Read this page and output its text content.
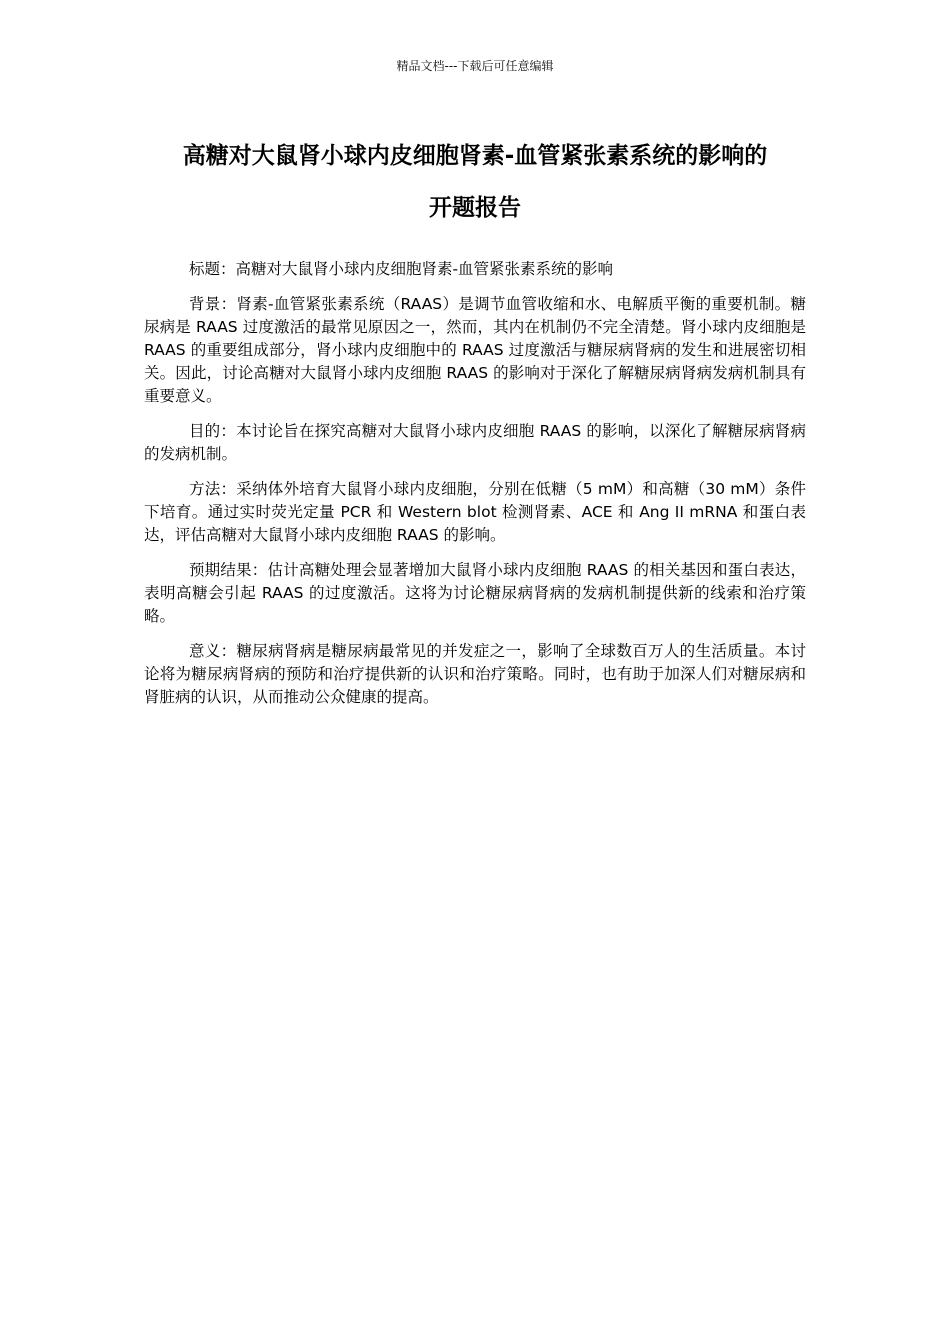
精品文档---下载后可任意编辑
高糖对大鼠肾小球内皮细胞肾素-血管紧张素系统的影响的
开题报告

标题：高糖对大鼠肾小球内皮细胞肾素-血管紧张素系统的影响

背景：肾素-血管紧张素系统（RAAS）是调节血管收缩和水、电解质平衡的重要机制。糖尿病是 RAAS 过度激活的最常见原因之一，然而，其内在机制仍不完全清楚。肾小球内皮细胞是 RAAS 的重要组成部分，肾小球内皮细胞中的 RAAS 过度激活与糖尿病肾病的发生和进展密切相关。因此，讨论高糖对大鼠肾小球内皮细胞 RAAS 的影响对于深化了解糖尿病肾病发病机制具有重要意义。

目的：本讨论旨在探究高糖对大鼠肾小球内皮细胞 RAAS 的影响，以深化了解糖尿病肾病的发病机制。

方法：采纳体外培育大鼠肾小球内皮细胞，分别在低糖（5 mM）和高糖（30 mM）条件下培育。通过实时荧光定量 PCR 和 Western blot 检测肾素、ACE 和 Ang II mRNA 和蛋白表达，评估高糖对大鼠肾小球内皮细胞 RAAS 的影响。

预期结果：估计高糖处理会显著增加大鼠肾小球内皮细胞 RAAS 的相关基因和蛋白表达，表明高糖会引起 RAAS 的过度激活。这将为讨论糖尿病肾病的发病机制提供新的线索和治疗策略。

意义：糖尿病肾病是糖尿病最常见的并发症之一，影响了全球数百万人的生活质量。本讨论将为糖尿病肾病的预防和治疗提供新的认识和治疗策略。同时，也有助于加深人们对糖尿病和肾脏病的认识，从而推动公众健康的提高。
